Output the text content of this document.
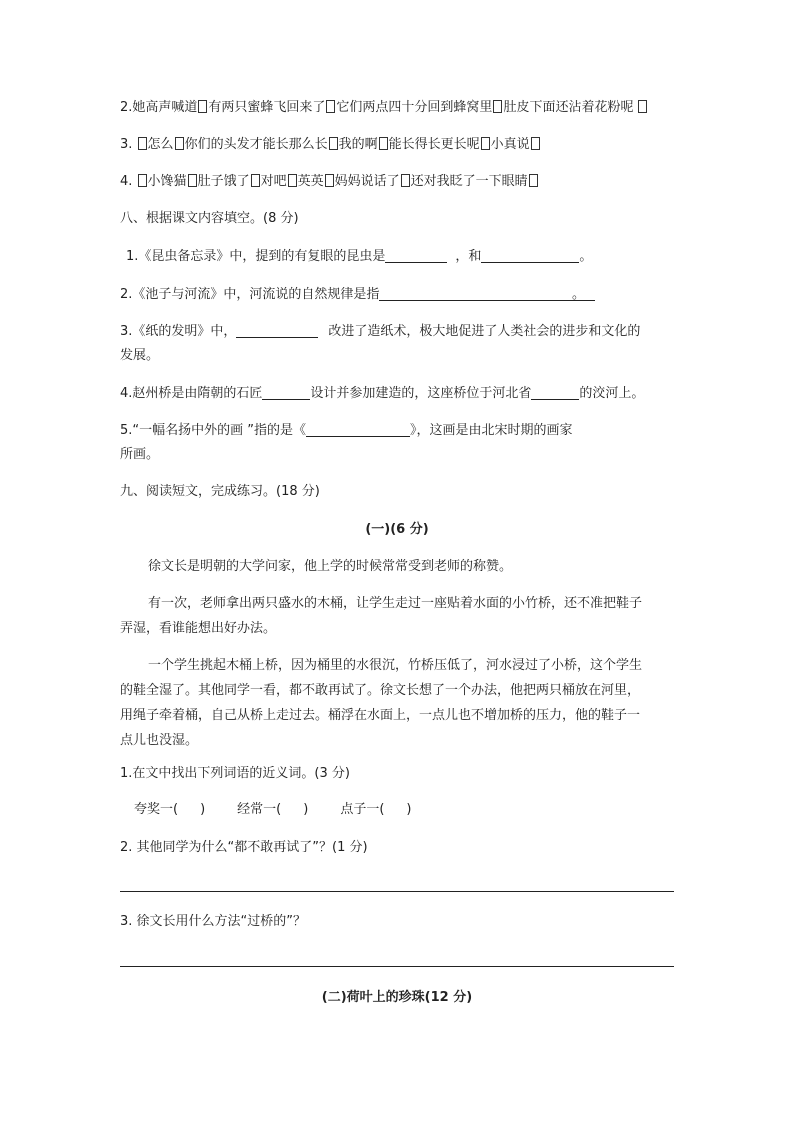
2.她高声喊道 有两只蜜蜂飞回来了 它们两点四十分回到蜂窝里 肚皮下面还沾着花粉呢
3. 怎么 你们的头发才能长那么长 我的啊 能长得长更长呢 小真说
4. 小馋猫 肚子饿了 对吧 英英 妈妈说话了 还对我眨了一下眼睛
八、根据课文内容填空。(8 分)
1.《昆虫备忘录》中，提到的有复眼的昆虫是	，和	。
2.《池子与河流》中，河流说的自然规律是指	。
3.《纸的发明》中，	改进了造纸术，极大地促进了人类社会的进步和文化的
发展。
4.赵州桥是由隋朝的石匠	设计并参加建造的，这座桥位于河北省	的洨河上。
5.“一幅名扬中外的画 ”指的是《	》，这画是由北宋时期的画家
所画。
九、阅读短文，完成练习。(18 分)
(一)(6 分)
徐文长是明朝的大学问家，他上学的时候常常受到老师的称赞。
有一次，老师拿出两只盛水的木桶，让学生走过一座贴着水面的小竹桥，还不准把鞋子
弄湿，看谁能想出好办法。
一个学生挑起木桶上桥，因为桶里的水很沉，竹桥压低了，河水浸过了小桥，这个学生
的鞋全湿了。其他同学一看，都不敢再试了。徐文长想了一个办法，他把两只桶放在河里，
用绳子牵着桶，自己从桥上走过去。桶浮在水面上，一点儿也不增加桥的压力，他的鞋子一
点儿也没湿。
1.在文中找出下列词语的近义词。(3 分)
夸奖一( ) 经常一( ) 点子一( )
2. 其他同学为什么“都不敢再试了”？(1 分)
3. 徐文长用什么方法“过桥的”？
(二)荷叶上的珍珠(12 分)
